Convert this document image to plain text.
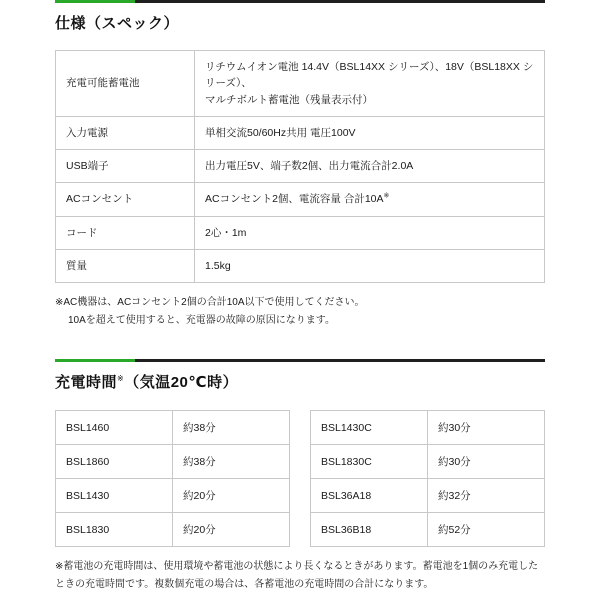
仕様（スペック）
充電可能蓄電池	リチウムイオン電池 14.4V（BSL14XX シリーズ）、18V（BSL18XX シリーズ）、
マルチボルト蓄電池（残量表示付）
入力電源	単相交流50/60Hz共用 電圧100V
USB端子	出力電圧5V、端子数2個、出力電流合計2.0A
ACコンセント	ACコンセント2個、電流容量 合計10A※
コード	2心・1m
質量	1.5kg
※AC機器は、ACコンセント2個の合計10A以下で使用してください。
10Aを超えて使用すると、充電器の故障の原因になります。
充電時間※（気温20℃時）
BSL1460	約38分
BSL1860	約38分
BSL1430	約20分
BSL1830	約20分
BSL1430C	約30分
BSL1830C	約30分
BSL36A18	約32分
BSL36B18	約52分
※蓄電池の充電時間は、使用環境や蓄電池の状態により長くなるときがあります。蓄電池を1個のみ充電した
ときの充電時間です。複数個充電の場合は、各蓄電池の充電時間の合計になります。
